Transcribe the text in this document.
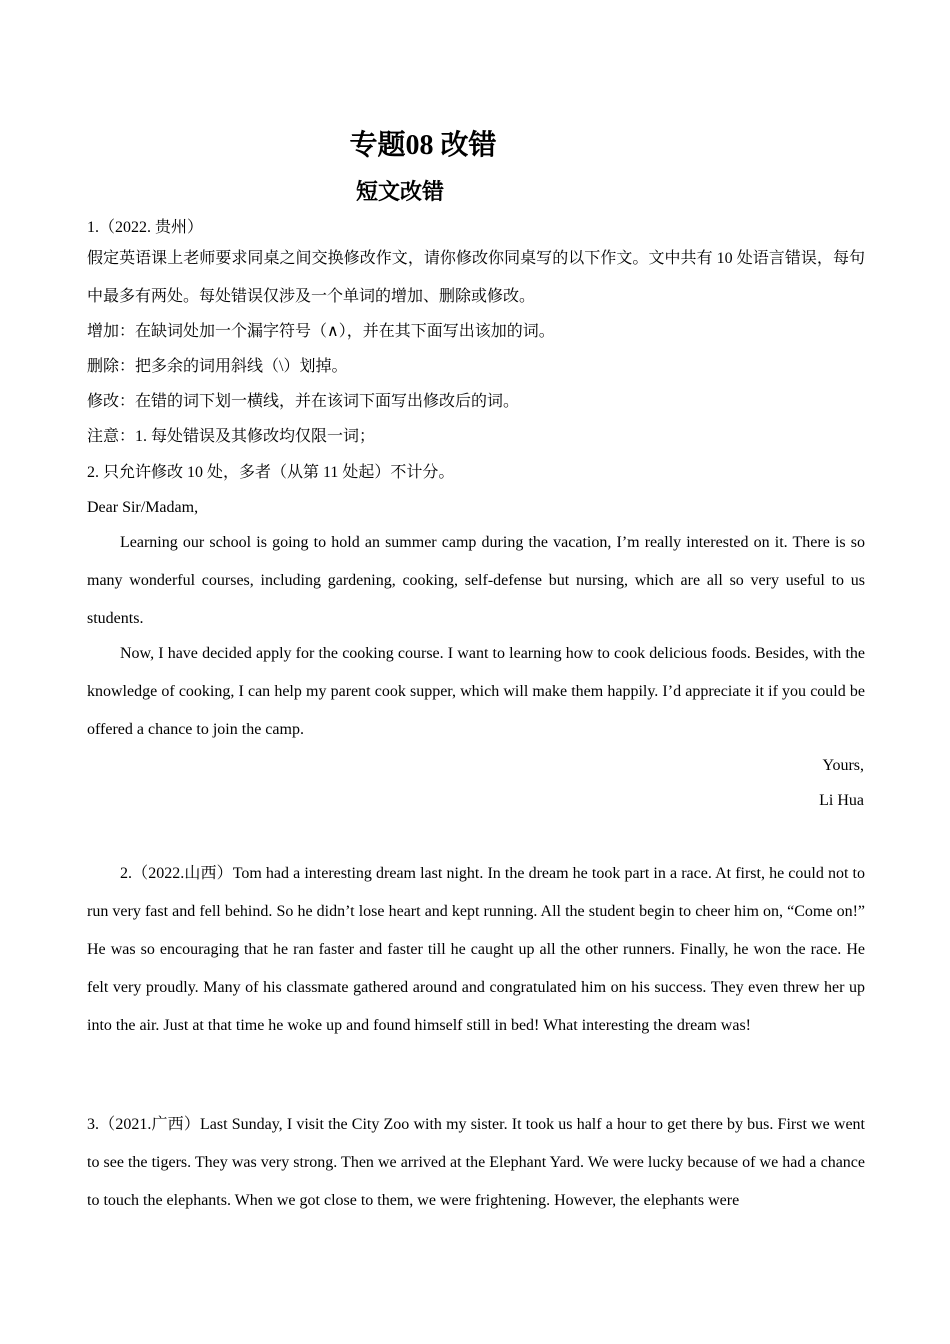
专题08 改错
短文改错
1.（2022. 贵州）
假定英语课上老师要求同桌之间交换修改作文，请你修改你同桌写的以下作文。文中共有 10 处语言错误，每句中最多有两处。每处错误仅涉及一个单词的增加、删除或修改。
增加：在缺词处加一个漏字符号（∧），并在其下面写出该加的词。
删除：把多余的词用斜线（\）划掉。
修改：在错的词下划一横线，并在该词下面写出修改后的词。
注意：1. 每处错误及其修改均仅限一词；
2. 只允许修改 10 处，多者（从第 11 处起）不计分。
Dear Sir/Madam,
Learning our school is going to hold an summer camp during the vacation, I’m really interested on it. There is so many wonderful courses, including gardening, cooking, self-defense but nursing, which are all so very useful to us students.
Now, I have decided apply for the cooking course. I want to learning how to cook delicious foods. Besides, with the knowledge of cooking, I can help my parent cook supper, which will make them happily. I’d appreciate it if you could be offered a chance to join the camp.
Yours,
Li Hua
2.（2022.山西）Tom had a interesting dream last night. In the dream he took part in a race. At first, he could not to run very fast and fell behind. So he didn’t lose heart and kept running. All the student begin to cheer him on, “Come on!” He was so encouraging that he ran faster and faster till he caught up all the other runners. Finally, he won the race. He felt very proudly. Many of his classmate gathered around and congratulated him on his success. They even threw her up into the air. Just at that time he woke up and found himself still in bed! What interesting the dream was!
3.（2021.广西）Last Sunday, I visit the City Zoo with my sister. It took us half a hour to get there by bus. First we went to see the tigers. They was very strong. Then we arrived at the Elephant Yard. We were lucky because of we had a chance to touch the elephants. When we got close to them, we were frightening. However, the elephants were
